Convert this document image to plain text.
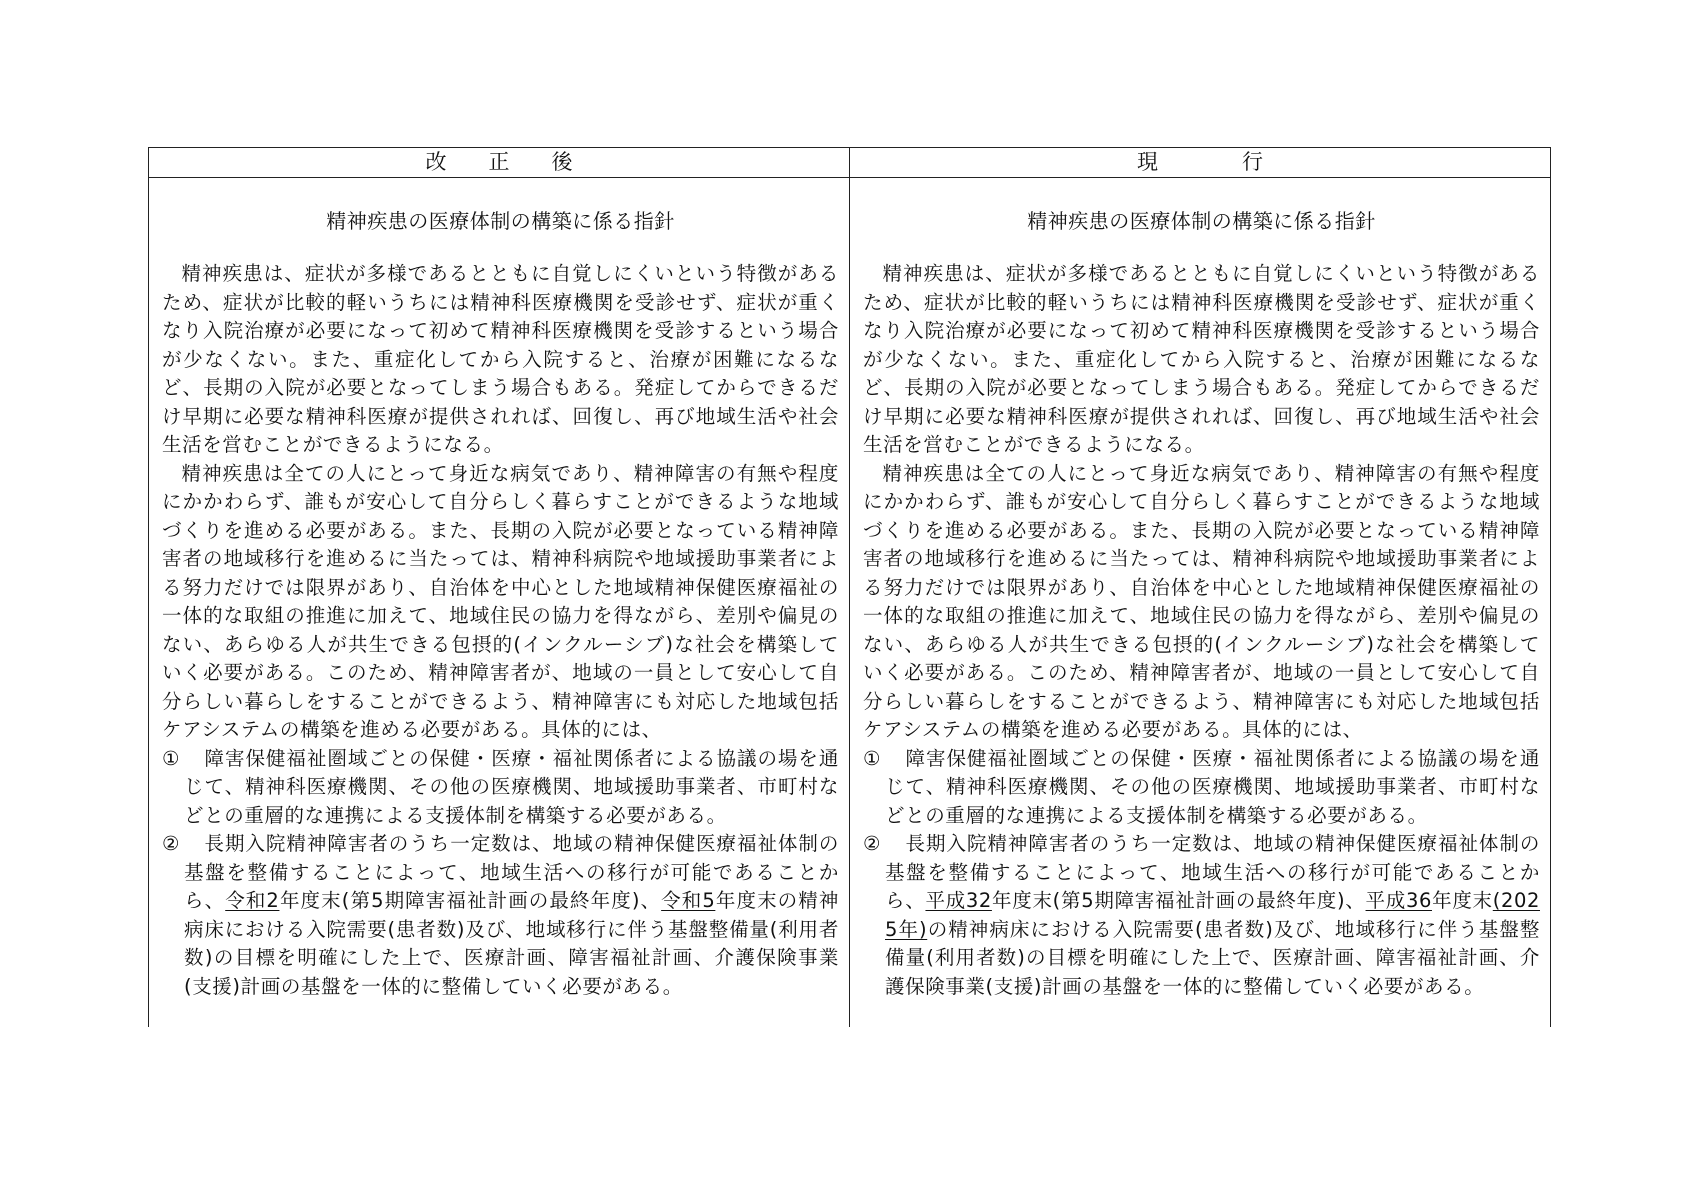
改　　正　　後	現　　　　行
精神疾患の医療体制の構築に係る指針

精神疾患は、症状が多様であるとともに自覚しにくいという特徴があるため、症状が比較的軽いうちには精神科医療機関を受診せず、症状が重くなり入院治療が必要になって初めて精神科医療機関を受診するという場合が少なくない。また、重症化してから入院すると、治療が困難になるなど、長期の入院が必要となってしまう場合もある。発症してからできるだけ早期に必要な精神科医療が提供されれば、回復し、再び地域生活や社会生活を営むことができるようになる。

精神疾患は全ての人にとって身近な病気であり、精神障害の有無や程度にかかわらず、誰もが安心して自分らしく暮らすことができるような地域づくりを進める必要がある。また、長期の入院が必要となっている精神障害者の地域移行を進めるに当たっては、精神科病院や地域援助事業者による努力だけでは限界があり、自治体を中心とした地域精神保健医療福祉の一体的な取組の推進に加えて、地域住民の協力を得ながら、差別や偏見のない、あらゆる人が共生できる包摂的(インクルーシブ)な社会を構築していく必要がある。このため、精神障害者が、地域の一員として安心して自分らしい暮らしをすることができるよう、精神障害にも対応した地域包括ケアシステムの構築を進める必要がある。具体的には、

① 障害保健福祉圏域ごとの保健・医療・福祉関係者による協議の場を通じて、精神科医療機関、その他の医療機関、地域援助事業者、市町村などとの重層的な連携による支援体制を構築する必要がある。

② 長期入院精神障害者のうち一定数は、地域の精神保健医療福祉体制の基盤を整備することによって、地域生活への移行が可能であることから、令和2年度末(第5期障害福祉計画の最終年度)、令和5年度末の精神病床における入院需要(患者数)及び、地域移行に伴う基盤整備量(利用者数)の目標を明確にした上で、医療計画、障害福祉計画、介護保険事業(支援)計画の基盤を一体的に整備していく必要がある。

精神疾患の医療体制の構築に係る指針

精神疾患は、症状が多様であるとともに自覚しにくいという特徴があるため、症状が比較的軽いうちには精神科医療機関を受診せず、症状が重くなり入院治療が必要になって初めて精神科医療機関を受診するという場合が少なくない。また、重症化してから入院すると、治療が困難になるなど、長期の入院が必要となってしまう場合もある。発症してからできるだけ早期に必要な精神科医療が提供されれば、回復し、再び地域生活や社会生活を営むことができるようになる。

精神疾患は全ての人にとって身近な病気であり、精神障害の有無や程度にかかわらず、誰もが安心して自分らしく暮らすことができるような地域づくりを進める必要がある。また、長期の入院が必要となっている精神障害者の地域移行を進めるに当たっては、精神科病院や地域援助事業者による努力だけでは限界があり、自治体を中心とした地域精神保健医療福祉の一体的な取組の推進に加えて、地域住民の協力を得ながら、差別や偏見のない、あらゆる人が共生できる包摂的(インクルーシブ)な社会を構築していく必要がある。このため、精神障害者が、地域の一員として安心して自分らしい暮らしをすることができるよう、精神障害にも対応した地域包括ケアシステムの構築を進める必要がある。具体的には、

① 障害保健福祉圏域ごとの保健・医療・福祉関係者による協議の場を通じて、精神科医療機関、その他の医療機関、地域援助事業者、市町村などとの重層的な連携による支援体制を構築する必要がある。

② 長期入院精神障害者のうち一定数は、地域の精神保健医療福祉体制の基盤を整備することによって、地域生活への移行が可能であることから、平成32年度末(第5期障害福祉計画の最終年度)、平成36年度末(2025年)の精神病床における入院需要(患者数)及び、地域移行に伴う基盤整備量(利用者数)の目標を明確にした上で、医療計画、障害福祉計画、介護保険事業(支援)計画の基盤を一体的に整備していく必要がある。
